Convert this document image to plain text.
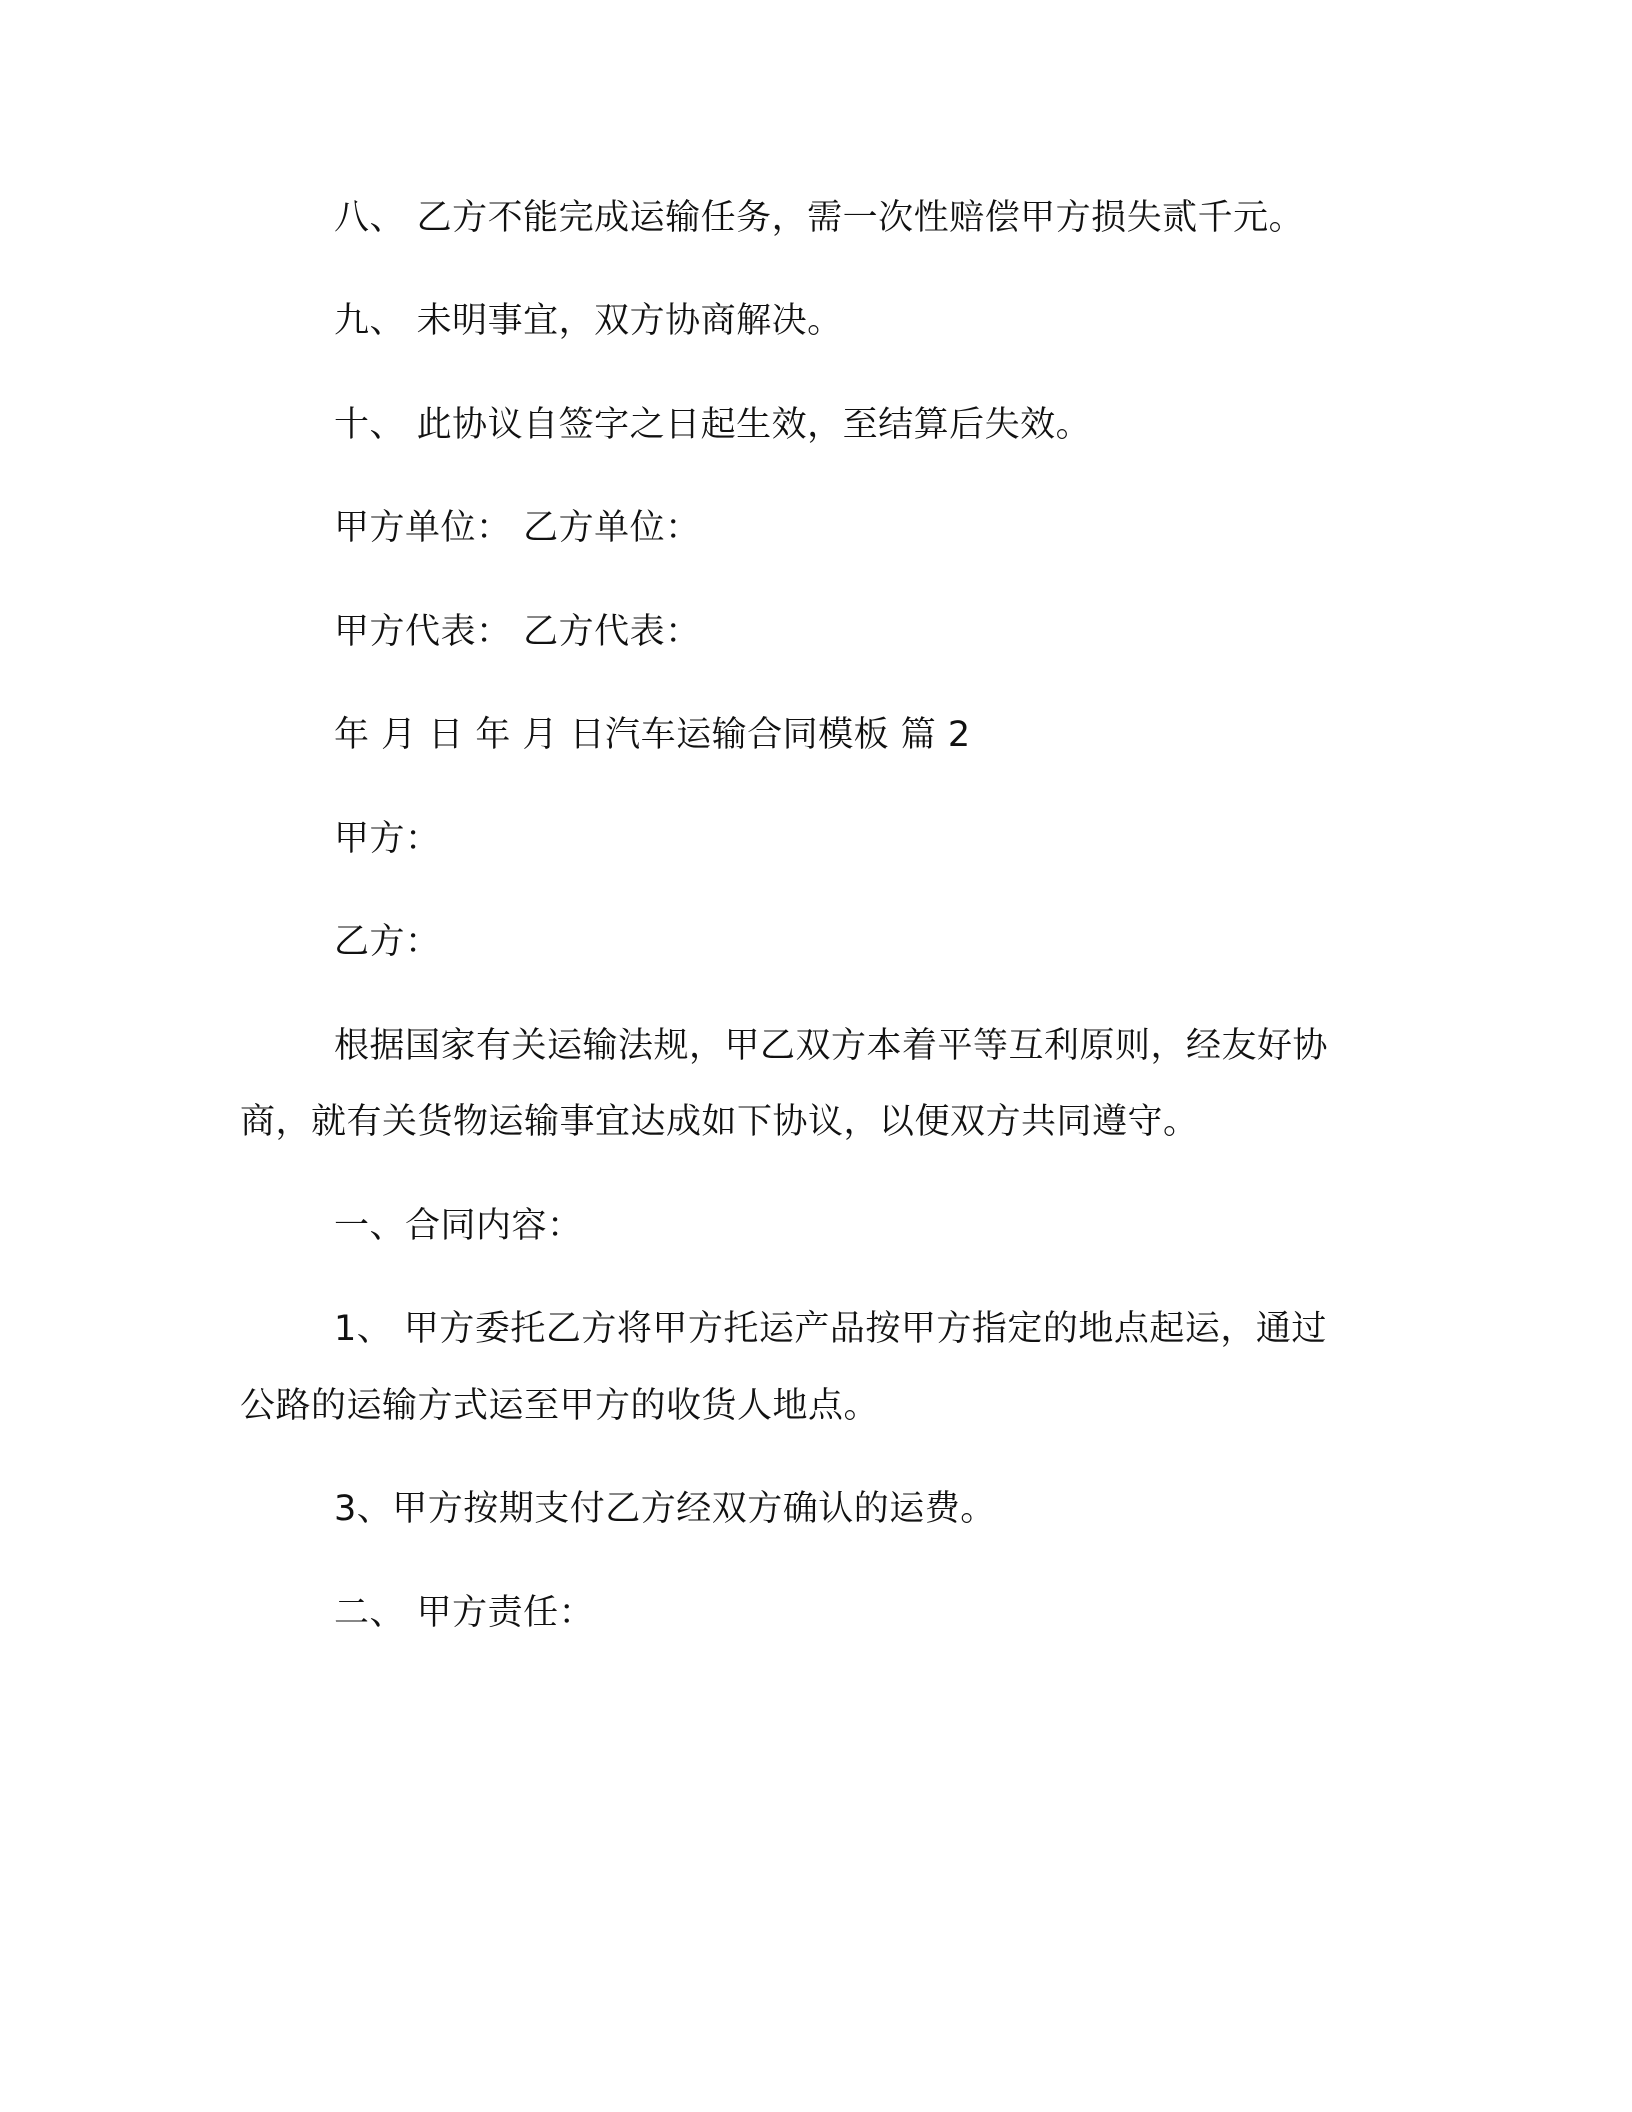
八、 乙方不能完成运输任务，需一次性赔偿甲方损失贰千元。
九、 未明事宜，双方协商解决。
十、 此协议自签字之日起生效，至结算后失效。
甲方单位： 乙方单位：
甲方代表： 乙方代表：
年 月 日 年 月 日汽车运输合同模板 篇 2
甲方：
乙方：
根据国家有关运输法规，甲乙双方本着平等互利原则，经友好协
商，就有关货物运输事宜达成如下协议，以便双方共同遵守。
一、合同内容：
1、 甲方委托乙方将甲方托运产品按甲方指定的地点起运，通过
公路的运输方式运至甲方的收货人地点。
3、甲方按期支付乙方经双方确认的运费。
二、 甲方责任：
